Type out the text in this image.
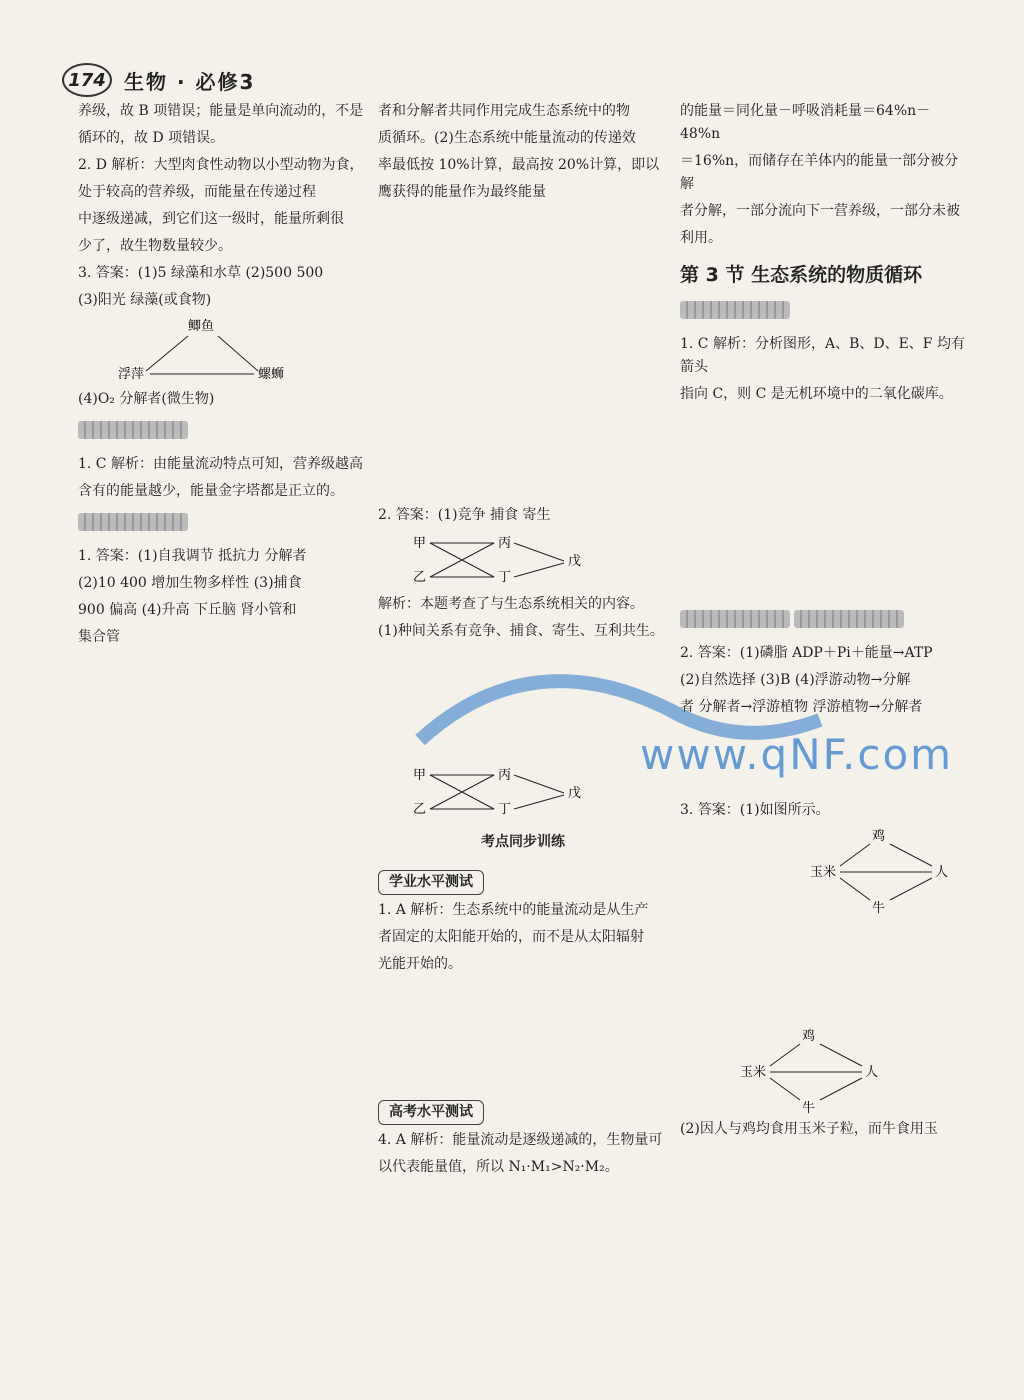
174 生物 · 必修3

养级，故 B 项错误；能量是单向流动的，不是

循环的，故 D 项错误。

2. D 解析：大型肉食性动物以小型动物为食，

处于较高的营养级，而能量在传递过程

中逐级递减，到它们这一级时，能量所剩很

少了，故生物数量较少。

3. 答案：(1)5 绿藻和水草 (2)500 500

(3)阳光 绿藻(或食物)

鲫鱼
浮萍	螺蛳

(4)O₂ 分解者(微生物)

1. C 解析：由能量流动特点可知，营养级越高

含有的能量越少，能量金字塔都是正立的。

1. 答案：(1)自我调节 抵抗力 分解者

(2)10 400 增加生物多样性 (3)捕食

900 偏高 (4)升高 下丘脑 肾小管和

集合管

者和分解者共同作用完成生态系统中的物

质循环。(2)生态系统中能量流动的传递效

率最低按 10%计算，最高按 20%计算，即以

鹰获得的能量作为最终能量

2. 答案：(1)竞争 捕食 寄生

甲
乙
丙
丁
戊

解析：本题考查了与生态系统相关的内容。

(1)种间关系有竞争、捕食、寄生、互利共生。

甲
乙
丙
丁
戊
考点同步训练
学业水平测试

1. A 解析：生态系统中的能量流动是从生产

者固定的太阳能开始的，而不是从太阳辐射

光能开始的。

高考水平测试

4. A 解析：能量流动是逐级递减的，生物量可

以代表能量值，所以 N₁·M₁>N₂·M₂。

的能量＝同化量－呼吸消耗量＝64%n－48%n

＝16%n，而储存在羊体内的能量一部分被分解

者分解，一部分流向下一营养级，一部分未被

利用。

第 3 节 生态系统的物质循环

1. C 解析：分析图形，A、B、D、E、F 均有箭头

指向 C，则 C 是无机环境中的二氧化碳库。

2. 答案：(1)磷脂 ADP＋Pi＋能量→ATP

(2)自然选择 (3)B (4)浮游动物→分解

者 分解者→浮游植物 浮游植物→分解者

3. 答案：(1)如图所示。

鸡
玉米	人
牛
鸡
玉米	人
牛

(2)因人与鸡均食用玉米子粒，而牛食用玉

www.qNF.com
